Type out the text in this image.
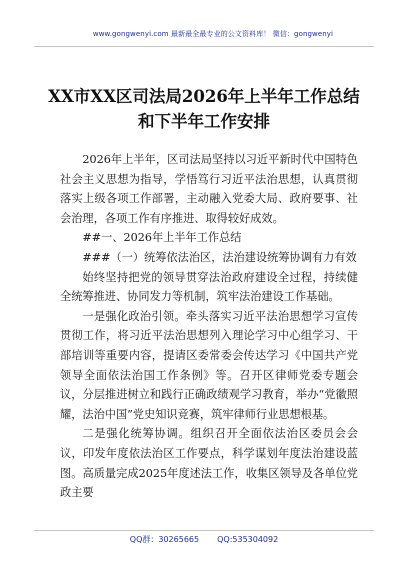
www.gongwenyi.com 最新最全最专业的公文资料库！ 微信：gongwenyi
XX市XX区司法局2026年上半年工作总结和下半年工作安排

2026年上半年，区司法局坚持以习近平新时代中国特色社会主义思想为指导，学悟笃行习近平法治思想，认真贯彻落实上级各项工作部署，主动融入党委大局、政府要事、社会治理，各项工作有序推进、取得较好成效。

##一、2026年上半年工作总结

###（一）统筹依法治区，法治建设统筹协调有力有效

始终坚持把党的领导贯穿法治政府建设全过程，持续健全统筹推进、协同发力等机制，筑牢法治建设工作基础。

一是强化政治引领。牵头落实习近平法治思想学习宣传贯彻工作，将习近平法治思想列入理论学习中心组学习、干部培训等重要内容，提请区委常委会传达学习《中国共产党领导全面依法治国工作条例》等。召开区律师党委专题会议，分层推进树立和践行正确政绩观学习教育，举办“党徽照耀，法治中国”党史知识竞赛，筑牢律师行业思想根基。

二是强化统筹协调。组织召开全面依法治区委员会会议，印发年度依法治区工作要点，科学谋划年度法治建设蓝图。高质量完成2025年度述法工作，收集区领导及各单位党政主要

QQ群：30265665 QQ:535304092
